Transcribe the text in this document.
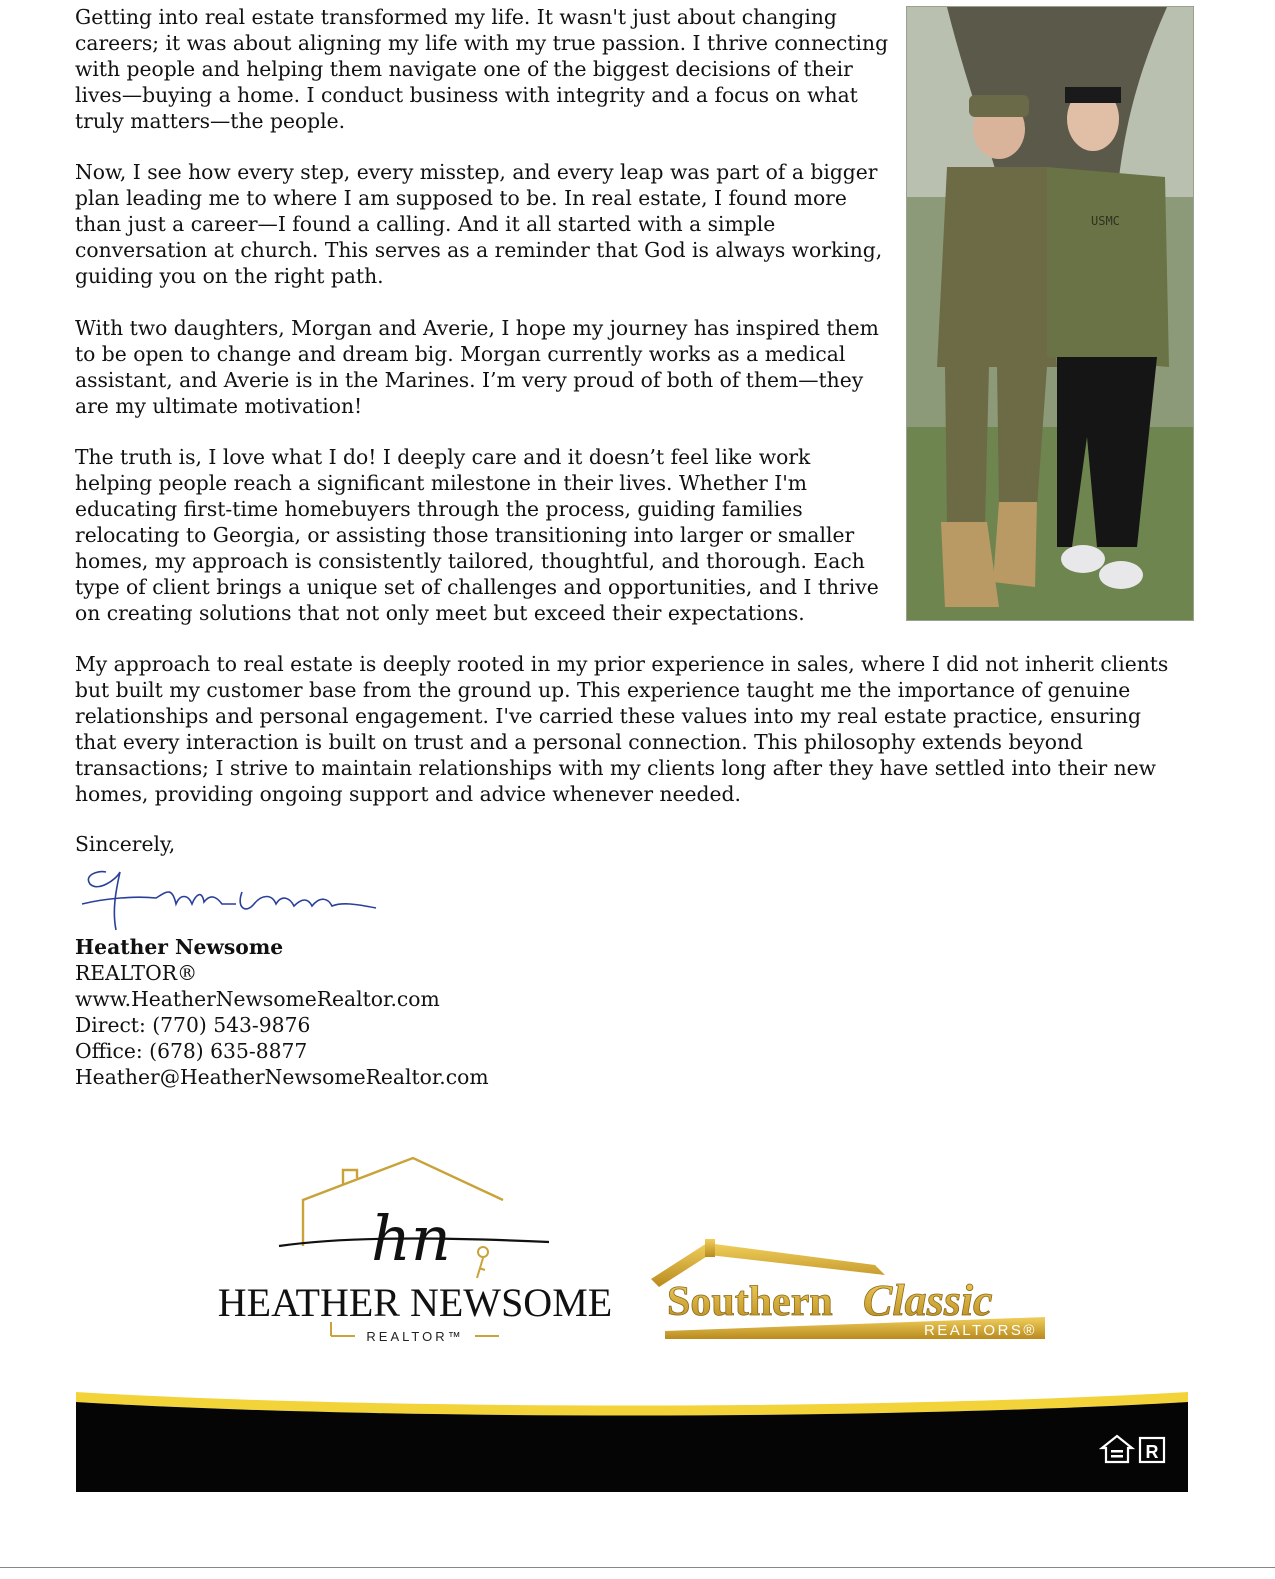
Getting into real estate transformed my life. It wasn't just about changing careers; it was about aligning my life with my true passion. I thrive connecting with people and helping them navigate one of the biggest decisions of their lives—buying a home. I conduct business with integrity and a focus on what truly matters—the people.

Now, I see how every step, every misstep, and every leap was part of a bigger plan leading me to where I am supposed to be. In real estate, I found more than just a career—I found a calling. And it all started with a simple conversation at church. This serves as a reminder that God is always working, guiding you on the right path.

With two daughters, Morgan and Averie, I hope my journey has inspired them to be open to change and dream big. Morgan currently works as a medical assistant, and Averie is in the Marines. I’m very proud of both of them—they are my ultimate motivation!

The truth is, I love what I do! I deeply care and it doesn’t feel like work helping people reach a significant milestone in their lives. Whether I'm educating first-time homebuyers through the process, guiding families relocating to Georgia, or assisting those transitioning into larger or smaller homes, my approach is consistently tailored, thoughtful, and thorough. Each type of client brings a unique set of challenges and opportunities, and I thrive on creating solutions that not only meet but exceed their expectations.

My approach to real estate is deeply rooted in my prior experience in sales, where I did not inherit clients but built my customer base from the ground up. This experience taught me the importance of genuine relationships and personal engagement. I've carried these values into my real estate practice, ensuring that every interaction is built on trust and a personal connection. This philosophy extends beyond transactions; I strive to maintain relationships with my clients long after they have settled into their new homes, providing ongoing support and advice whenever needed.

USMC

Sincerely,

Heather Newsome
REALTOR®
www.HeatherNewsomeRealtor.com
Direct: (770) 543-9876
Office: (678) 635-8877
Heather@HeatherNewsomeRealtor.com
hn
HEATHER NEWSOME
REALTOR™
Southern Classic
REALTORS®
R
